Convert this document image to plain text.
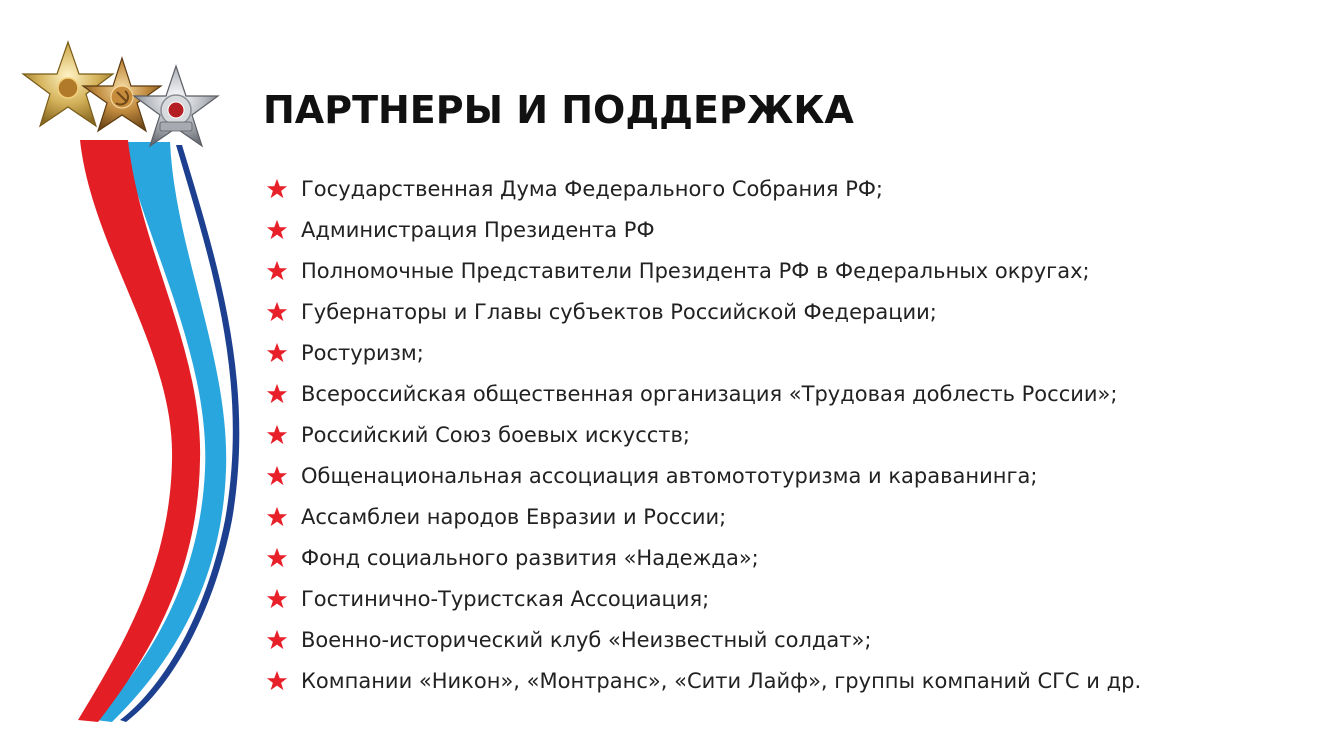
ПАРТНЕРЫ И ПОДДЕРЖКА
Государственная Дума Федерального Собрания РФ;
Администрация Президента РФ
Полномочные Представители Президента РФ в Федеральных округах;
Губернаторы и Главы субъектов Российской Федерации;
Ростуризм;
Всероссийская общественная организация «Трудовая доблесть России»;
Российский Союз боевых искусств;
Общенациональная ассоциация автомототуризма и караванинга;
Ассамблеи народов Евразии и России;
Фонд социального развития «Надежда»;
Гостинично-Туристская Ассоциация;
Военно-исторический клуб «Неизвестный солдат»;
Компании «Никон», «Монтранс», «Сити Лайф», группы компаний СГС и др.
